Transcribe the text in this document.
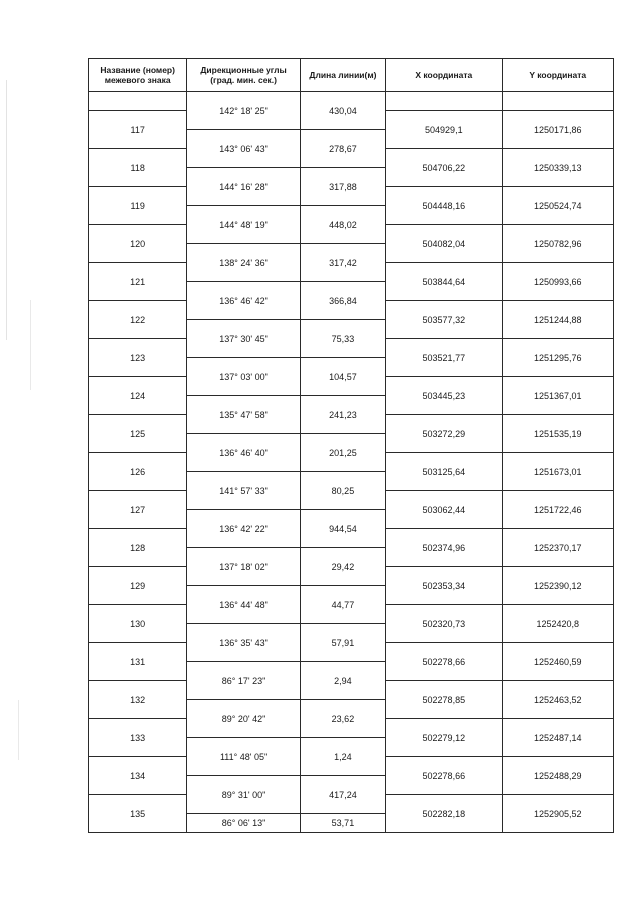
Название (номер) межевого знака	Дирекционные углы (град. мин. сек.)	Длина линии(м)	X координата	Y координата
	142° 18' 25"	430,04		
117			504929,1	1250171,86
	143° 06' 43"	278,67		
118			504706,22	1250339,13
	144° 16' 28"	317,88		
119			504448,16	1250524,74
	144° 48' 19"	448,02		
120			504082,04	1250782,96
	138° 24' 36"	317,42		
121			503844,64	1250993,66
	136° 46' 42"	366,84		
122			503577,32	1251244,88
	137° 30' 45"	75,33		
123			503521,77	1251295,76
	137° 03' 00"	104,57		
124			503445,23	1251367,01
	135° 47' 58"	241,23		
125			503272,29	1251535,19
	136° 46' 40"	201,25		
126			503125,64	1251673,01
	141° 57' 33"	80,25		
127			503062,44	1251722,46
	136° 42' 22"	944,54		
128			502374,96	1252370,17
	137° 18' 02"	29,42		
129			502353,34	1252390,12
	136° 44' 48"	44,77		
130			502320,73	1252420,8
	136° 35' 43"	57,91		
131			502278,66	1252460,59
	86° 17' 23"	2,94		
132			502278,85	1252463,52
	89° 20' 42"	23,62		
133			502279,12	1252487,14
	111° 48' 05"	1,24		
134			502278,66	1252488,29
	89° 31' 00"	417,24		
135			502282,18	1252905,52
	86° 06' 13"	53,71		
